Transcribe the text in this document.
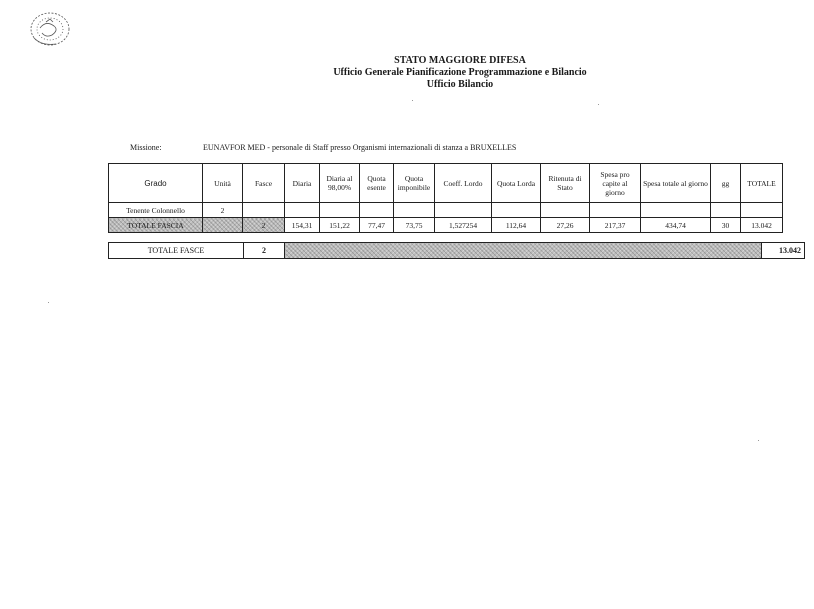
STATO MAGGIORE DIFESA
Ufficio Generale Pianificazione Programmazione e Bilancio
Ufficio Bilancio
Missione:	EUNAVFOR MED - personale di Staff presso Organismi internazionali di stanza a BRUXELLES
Grado	Unità	Fasce	Diaria	Diaria al 98,00%	Quota esente	Quota imponibile	Coeff. Lordo	Quota Lorda	Ritenuta di Stato	Spesa pro capite al giorno	Spesa totale al giorno	gg	TOTALE
Tenente Colonnello	2												
TOTALE FASCIA		2	154,31	151,22	77,47	73,75	1,527254	112,64	27,26	217,37	434,74	30	13.042
TOTALE FASCE	2		13.042
